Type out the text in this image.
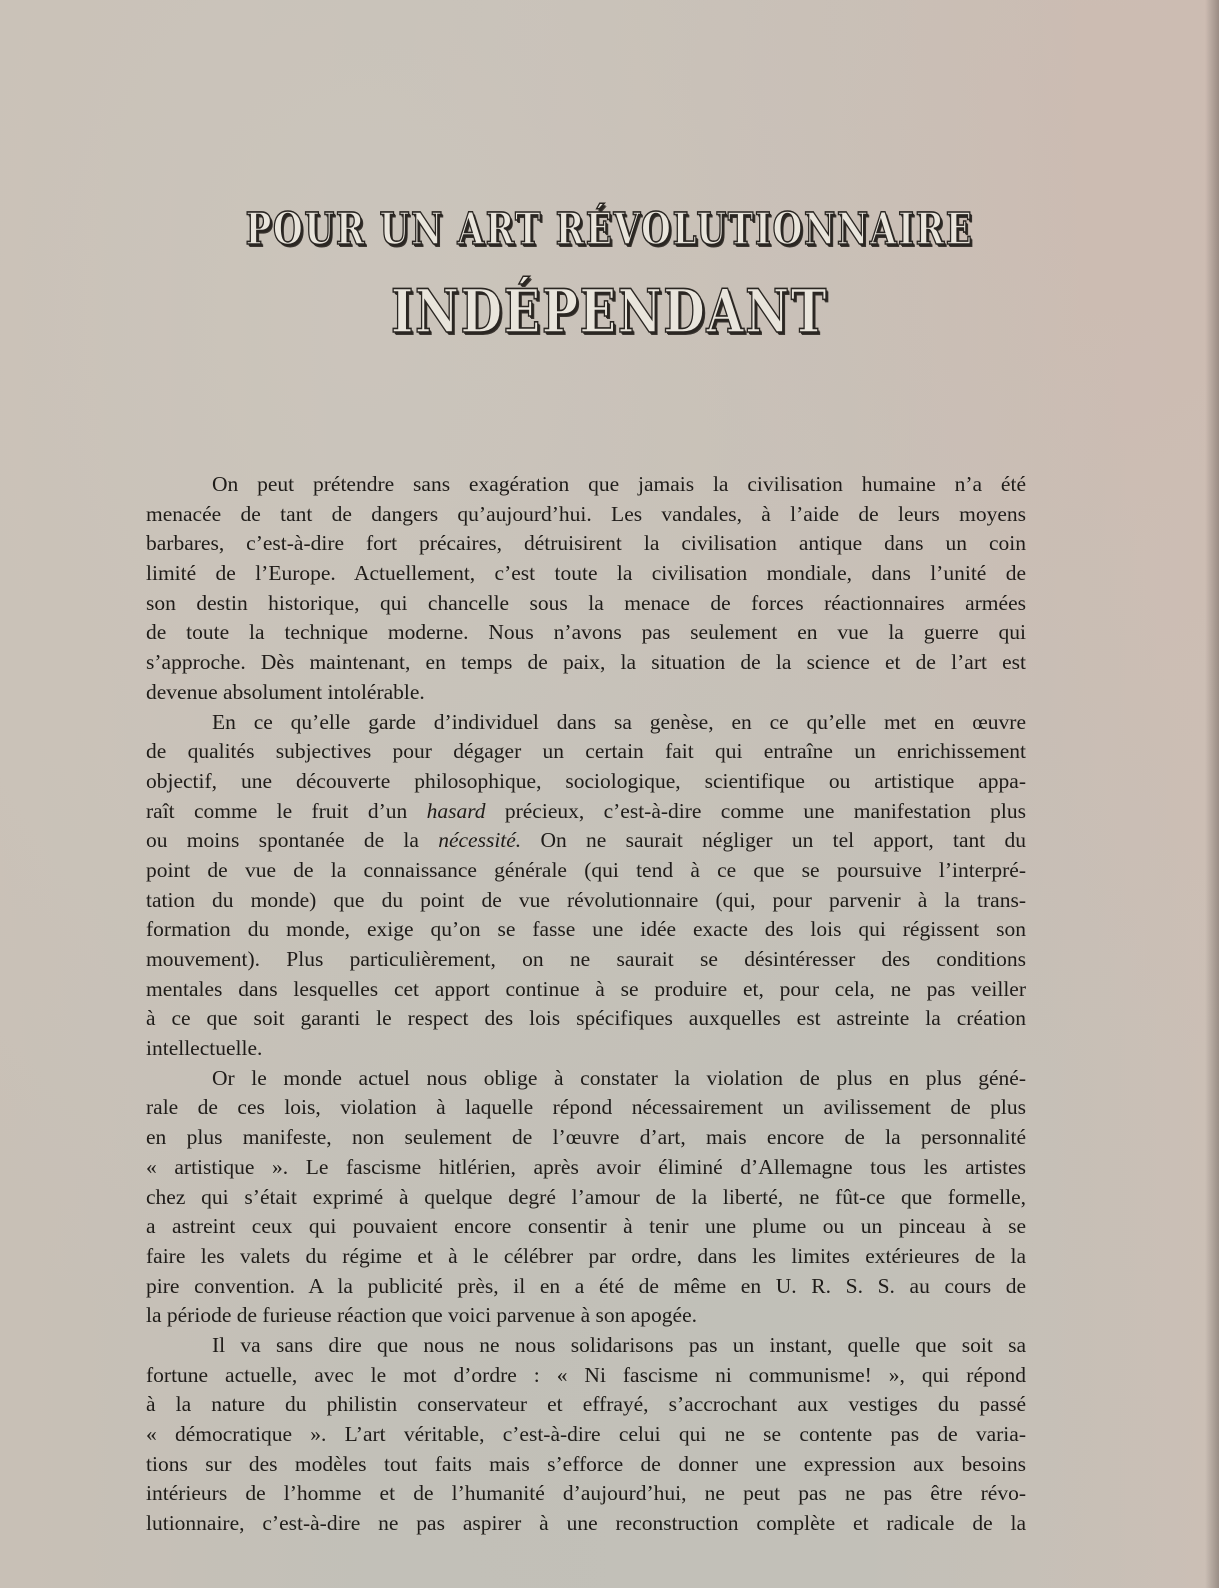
POUR UN ART RÉVOLUTIONNAIRE
INDÉPENDANT
On peut prétendre sans exagération que jamais la civilisation humaine n’a été
menacée de tant de dangers qu’aujourd’hui. Les vandales, à l’aide de leurs moyens
barbares, c’est-à-dire fort précaires, détruisirent la civilisation antique dans un coin
limité de l’Europe. Actuellement, c’est toute la civilisation mondiale, dans l’unité de
son destin historique, qui chancelle sous la menace de forces réactionnaires armées
de toute la technique moderne. Nous n’avons pas seulement en vue la guerre qui
s’approche. Dès maintenant, en temps de paix, la situation de la science et de l’art est
devenue absolument intolérable.
En ce qu’elle garde d’individuel dans sa genèse, en ce qu’elle met en œuvre
de qualités subjectives pour dégager un certain fait qui entraîne un enrichissement
objectif, une découverte philosophique, sociologique, scientifique ou artistique appa-
raît comme le fruit d’un hasard précieux, c’est-à-dire comme une manifestation plus
ou moins spontanée de la nécessité. On ne saurait négliger un tel apport, tant du
point de vue de la connaissance générale (qui tend à ce que se poursuive l’interpré-
tation du monde) que du point de vue révolutionnaire (qui, pour parvenir à la trans-
formation du monde, exige qu’on se fasse une idée exacte des lois qui régissent son
mouvement). Plus particulièrement, on ne saurait se désintéresser des conditions
mentales dans lesquelles cet apport continue à se produire et, pour cela, ne pas veiller
à ce que soit garanti le respect des lois spécifiques auxquelles est astreinte la création
intellectuelle.
Or le monde actuel nous oblige à constater la violation de plus en plus géné-
rale de ces lois, violation à laquelle répond nécessairement un avilissement de plus
en plus manifeste, non seulement de l’œuvre d’art, mais encore de la personnalité
« artistique ». Le fascisme hitlérien, après avoir éliminé d’Allemagne tous les artistes
chez qui s’était exprimé à quelque degré l’amour de la liberté, ne fût-ce que formelle,
a astreint ceux qui pouvaient encore consentir à tenir une plume ou un pinceau à se
faire les valets du régime et à le célébrer par ordre, dans les limites extérieures de la
pire convention. A la publicité près, il en a été de même en U. R. S. S. au cours de
la période de furieuse réaction que voici parvenue à son apogée.
Il va sans dire que nous ne nous solidarisons pas un instant, quelle que soit sa
fortune actuelle, avec le mot d’ordre : « Ni fascisme ni communisme! », qui répond
à la nature du philistin conservateur et effrayé, s’accrochant aux vestiges du passé
« démocratique ». L’art véritable, c’est-à-dire celui qui ne se contente pas de varia-
tions sur des modèles tout faits mais s’efforce de donner une expression aux besoins
intérieurs de l’homme et de l’humanité d’aujourd’hui, ne peut pas ne pas être révo-
lutionnaire, c’est-à-dire ne pas aspirer à une reconstruction complète et radicale de la
